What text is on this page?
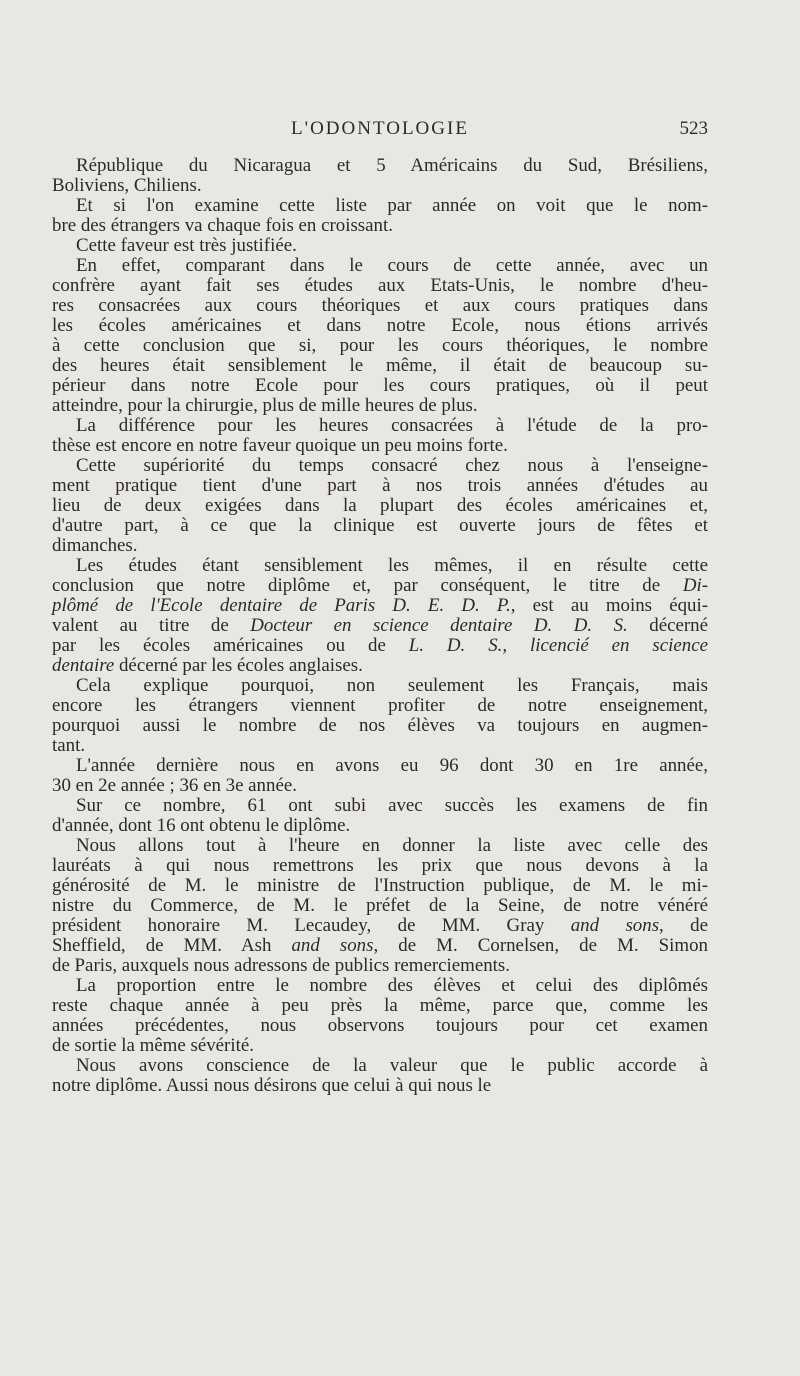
L'ODONTOLOGIE	523
République du Nicaragua et 5 Américains du Sud, Brésiliens,
Boliviens, Chiliens.
Et si l'on examine cette liste par année on voit que le nom-
bre des étrangers va chaque fois en croissant.
Cette faveur est très justifiée.
En effet, comparant dans le cours de cette année, avec un
confrère ayant fait ses études aux Etats-Unis, le nombre d'heu-
res consacrées aux cours théoriques et aux cours pratiques dans
les écoles américaines et dans notre Ecole, nous étions arrivés
à cette conclusion que si, pour les cours théoriques, le nombre
des heures était sensiblement le même, il était de beaucoup su-
périeur dans notre Ecole pour les cours pratiques, où il peut
atteindre, pour la chirurgie, plus de mille heures de plus.
La différence pour les heures consacrées à l'étude de la pro-
thèse est encore en notre faveur quoique un peu moins forte.
Cette supériorité du temps consacré chez nous à l'enseigne-
ment pratique tient d'une part à nos trois années d'études au
lieu de deux exigées dans la plupart des écoles américaines et,
d'autre part, à ce que la clinique est ouverte jours de fêtes et
dimanches.
Les études étant sensiblement les mêmes, il en résulte cette
conclusion que notre diplôme et, par conséquent, le titre de Di-
plômé de l'Ecole dentaire de Paris D. E. D. P., est au moins équi-
valent au titre de Docteur en science dentaire D. D. S. décerné
par les écoles américaines ou de L. D. S., licencié en science
dentaire décerné par les écoles anglaises.
Cela explique pourquoi, non seulement les Français, mais
encore les étrangers viennent profiter de notre enseignement,
pourquoi aussi le nombre de nos élèves va toujours en augmen-
tant.
L'année dernière nous en avons eu 96 dont 30 en 1re année,
30 en 2e année ; 36 en 3e année.
Sur ce nombre, 61 ont subi avec succès les examens de fin
d'année, dont 16 ont obtenu le diplôme.
Nous allons tout à l'heure en donner la liste avec celle des
lauréats à qui nous remettrons les prix que nous devons à la
générosité de M. le ministre de l'Instruction publique, de M. le mi-
nistre du Commerce, de M. le préfet de la Seine, de notre vénéré
président honoraire M. Lecaudey, de MM. Gray and sons, de
Sheffield, de MM. Ash and sons, de M. Cornelsen, de M. Simon
de Paris, auxquels nous adressons de publics remerciements.
La proportion entre le nombre des élèves et celui des diplômés
reste chaque année à peu près la même, parce que, comme les
années précédentes, nous observons toujours pour cet examen
de sortie la même sévérité.
Nous avons conscience de la valeur que le public accorde à
notre diplôme. Aussi nous désirons que celui à qui nous le
